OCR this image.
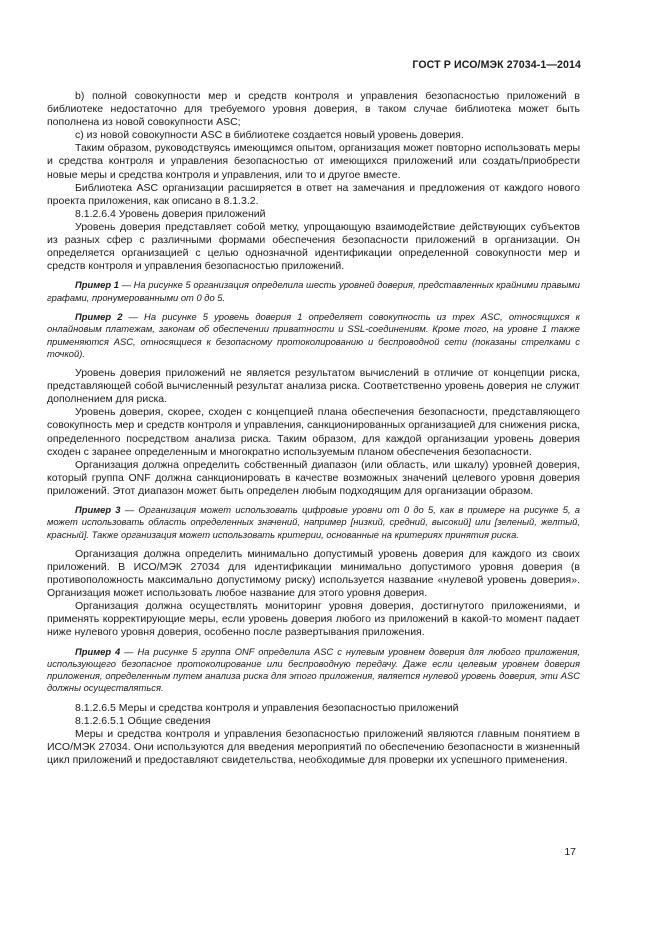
ГОСТ Р ИСО/МЭК 27034-1—2014

b) полной совокупности мер и средств контроля и управления безопасностью приложений в библиотеке недостаточно для требуемого уровня доверия, в таком случае библиотека может быть пополнена из новой совокупности ASC;

c) из новой совокупности ASC в библиотеке создается новый уровень доверия.

Таким образом, руководствуясь имеющимся опытом, организация может повторно использовать меры и средства контроля и управления безопасностью от имеющихся приложений или создать/приобрести новые меры и средства контроля и управления, или то и другое вместе.

Библиотека ASC организации расширяется в ответ на замечания и предложения от каждого нового проекта приложения, как описано в 8.1.3.2.

8.1.2.6.4 Уровень доверия приложений

Уровень доверия представляет собой метку, упрощающую взаимодействие действующих субъектов из разных сфер с различными формами обеспечения безопасности приложений в организации. Он определяется организацией с целью однозначной идентификации определенной совокупности мер и средств контроля и управления безопасностью приложений.

Пример 1 — На рисунке 5 организация определила шесть уровней доверия, представленных крайними правыми графами, пронумерованными от 0 до 5.

Пример 2 — На рисунке 5 уровень доверия 1 определяет совокупность из трех ASC, относящихся к онлайновым платежам, законам об обеспечении приватности и SSL-соединениям. Кроме того, на уровне 1 также применяются ASC, относящиеся к безопасному протоколированию и беспроводной сети (показаны стрелками с точкой).

Уровень доверия приложений не является результатом вычислений в отличие от концепции риска, представляющей собой вычисленный результат анализа риска. Соответственно уровень доверия не служит дополнением для риска.

Уровень доверия, скорее, сходен с концепцией плана обеспечения безопасности, представляющего совокупность мер и средств контроля и управления, санкционированных организацией для снижения риска, определенного посредством анализа риска. Таким образом, для каждой организации уровень доверия сходен с заранее определенным и многократно используемым планом обеспечения безопасности.

Организация должна определить собственный диапазон (или область, или шкалу) уровней доверия, который группа ONF должна санкционировать в качестве возможных значений целевого уровня доверия приложений. Этот диапазон может быть определен любым подходящим для организации образом.

Пример 3 — Организация может использовать цифровые уровни от 0 до 5, как в примере на рисунке 5, а может использовать область определенных значений, например [низкий, средний, высокий] или [зеленый, желтый, красный]. Также организация может использовать критерии, основанные на критериях принятия риска.

Организация должна определить минимально допустимый уровень доверия для каждого из своих приложений. В ИСО/МЭК 27034 для идентификации минимально допустимого уровня доверия (в противоположность максимально допустимому риску) используется название «нулевой уровень доверия». Организация может использовать любое название для этого уровня доверия.

Организация должна осуществлять мониторинг уровня доверия, достигнутого приложениями, и применять корректирующие меры, если уровень доверия любого из приложений в какой-то момент падает ниже нулевого уровня доверия, особенно после развертывания приложения.

Пример 4 — На рисунке 5 группа ONF определила ASC с нулевым уровнем доверия для любого приложения, использующего безопасное протоколирование или беспроводную передачу. Даже если целевым уровнем доверия приложения, определенным путем анализа риска для этого приложения, является нулевой уровень доверия, эти ASC должны осуществляться.

8.1.2.6.5 Меры и средства контроля и управления безопасностью приложений

8.1.2.6.5.1 Общие сведения

Меры и средства контроля и управления безопасностью приложений являются главным понятием в ИСО/МЭК 27034. Они используются для введения мероприятий по обеспечению безопасности в жизненный цикл приложений и предоставляют свидетельства, необходимые для проверки их успешного применения.

17
